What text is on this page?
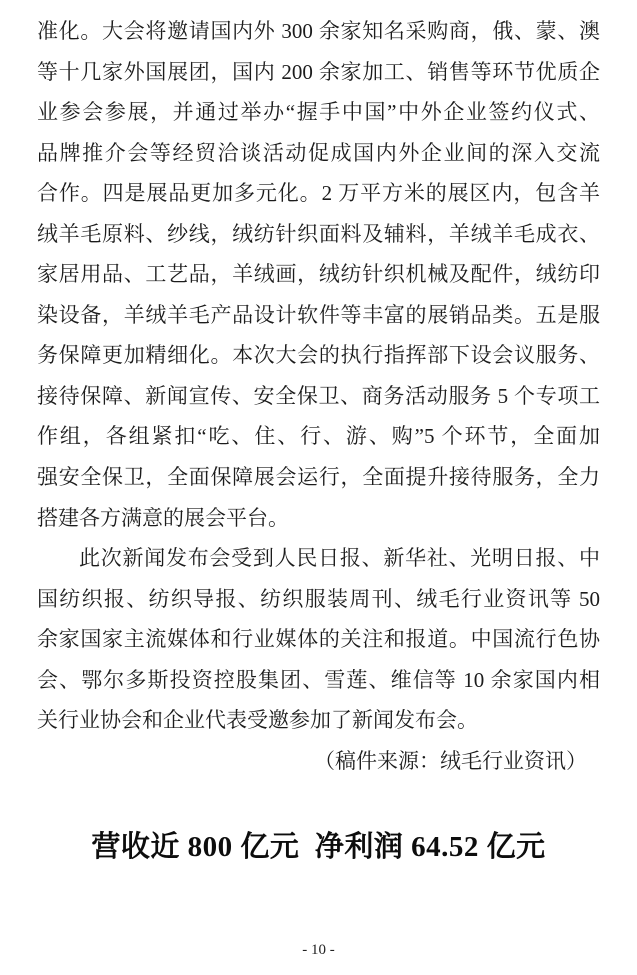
准化。大会将邀请国内外 300 余家知名采购商，俄、蒙、澳
等十几家外国展团，国内 200 余家加工、销售等环节优质企
业参会参展，并通过举办“握手中国”中外企业签约仪式、
品牌推介会等经贸洽谈活动促成国内外企业间的深入交流
合作。四是展品更加多元化。2 万平方米的展区内，包含羊
绒羊毛原料、纱线，绒纺针织面料及辅料，羊绒羊毛成衣、
家居用品、工艺品，羊绒画，绒纺针织机械及配件，绒纺印
染设备，羊绒羊毛产品设计软件等丰富的展销品类。五是服
务保障更加精细化。本次大会的执行指挥部下设会议服务、
接待保障、新闻宣传、安全保卫、商务活动服务 5 个专项工
作组，各组紧扣“吃、住、行、游、购”5 个环节，全面加
强安全保卫，全面保障展会运行，全面提升接待服务，全力
搭建各方满意的展会平台。
此次新闻发布会受到人民日报、新华社、光明日报、中
国纺织报、纺织导报、纺织服装周刊、绒毛行业资讯等 50
余家国家主流媒体和行业媒体的关注和报道。中国流行色协
会、鄂尔多斯投资控股集团、雪莲、维信等 10 余家国内相
关行业协会和企业代表受邀参加了新闻发布会。
（稿件来源：绒毛行业资讯）
营收近 800 亿元  净利润 64.52 亿元
- 10 -
